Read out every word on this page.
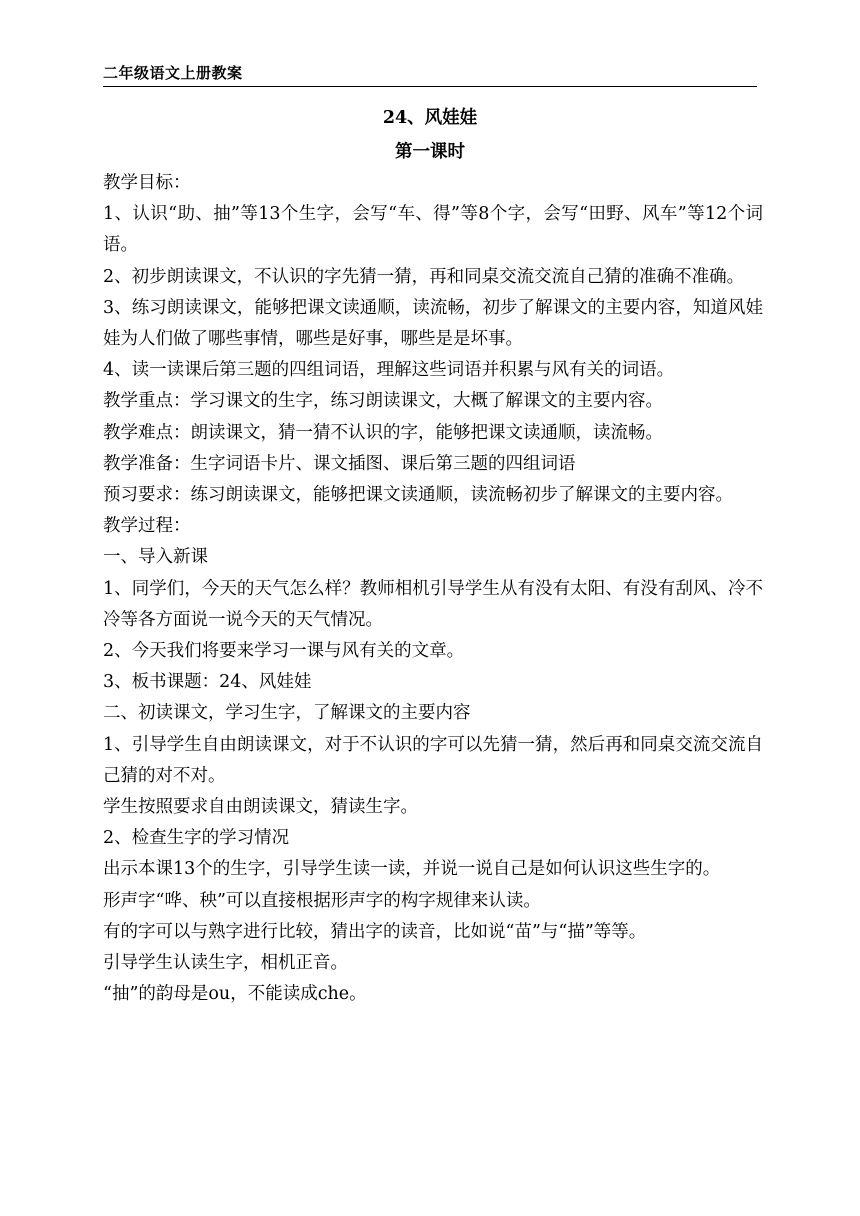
二年级语文上册教案
24、风娃娃
第一课时

教学目标：

1、认识“助、抽”等13个生字，会写“车、得”等8个字，会写“田野、风车”等12个词语。

2、初步朗读课文，不认识的字先猜一猜，再和同桌交流交流自己猜的准确不准确。

3、练习朗读课文，能够把课文读通顺，读流畅，初步了解课文的主要内容，知道风娃娃为人们做了哪些事情，哪些是好事，哪些是是坏事。

4、读一读课后第三题的四组词语，理解这些词语并积累与风有关的词语。

教学重点：学习课文的生字，练习朗读课文，大概了解课文的主要内容。

教学难点：朗读课文，猜一猜不认识的字，能够把课文读通顺，读流畅。

教学准备：生字词语卡片、课文插图、课后第三题的四组词语

预习要求：练习朗读课文，能够把课文读通顺，读流畅初步了解课文的主要内容。

教学过程：

一、导入新课

1、同学们，今天的天气怎么样？教师相机引导学生从有没有太阳、有没有刮风、冷不冷等各方面说一说今天的天气情况。

2、今天我们将要来学习一课与风有关的文章。

3、板书课题：24、风娃娃

二、初读课文，学习生字，了解课文的主要内容

1、引导学生自由朗读课文，对于不认识的字可以先猜一猜，然后再和同桌交流交流自己猜的对不对。

学生按照要求自由朗读课文，猜读生字。

2、检查生字的学习情况

出示本课13个的生字，引导学生读一读，并说一说自己是如何认识这些生字的。

形声字“哗、秧”可以直接根据形声字的构字规律来认读。

有的字可以与熟字进行比较，猜出字的读音，比如说“苗”与“描”等等。

引导学生认读生字，相机正音。

“抽”的韵母是ou，不能读成che。
